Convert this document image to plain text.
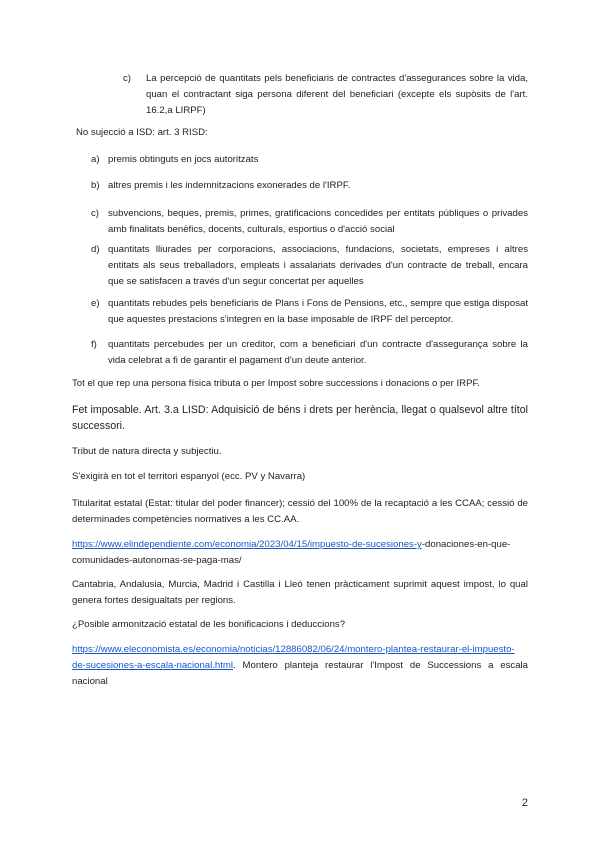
c) La percepció de quantitats pels beneficiaris de contractes d'assegurances sobre la vida, quan el contractant siga persona diferent del beneficiari (excepte els supòsits de l'art. 16.2,a LIRPF)

No sujecció a ISD: art. 3 RISD:

a) premis obtinguts en jocs autoritzats

b) altres premis i les indemnitzacions exonerades de l'IRPF.

c) subvencions, beques, premis, primes, gratificacions concedides per entitats públiques o privades amb finalitats benèfics, docents, culturals, esportius o d'acció social

d) quantitats lliurades per corporacions, associacions, fundacions, societats, empreses i altres entitats als seus treballadors, empleats i assalariats derivades d'un contracte de treball, encara que se satisfacen a través d'un segur concertat per aquelles

e) quantitats rebudes pels beneficiaris de Plans i Fons de Pensions, etc., sempre que estiga disposat que aquestes prestacions s'integren en la base imposable de IRPF del perceptor.

f) quantitats percebudes per un creditor, com a beneficiari d'un contracte d'assegurança sobre la vida celebrat a fi de garantir el pagament d'un deute anterior.

Tot el que rep una persona física tributa o per Impost sobre successions i donacions o per IRPF.

Fet imposable. Art. 3.a LISD: Adquisició de béns i drets per herència, llegat o qualsevol altre títol successori.

Tribut de natura directa y subjectiu.

S'exigirà en tot el territori espanyol (ecc. PV y Navarra)

Titularitat estatal (Estat: titular del poder financer); cessió del 100% de la recaptació a les CCAA; cessió de determinades competències normatives a les CC.AA.

https://www.elindependiente.com/economia/2023/04/15/impuesto-de-sucesiones-y-donaciones-en-que-comunidades-autonomas-se-paga-mas/

Cantabria, Andalusia, Murcia, Madrid i Castilla i Lleó tenen pràcticament suprimit aquest impost, lo qual genera fortes desigualtats per regions.

¿Posible armonització estatal de les bonificacions i deduccions?

https://www.eleconomista.es/economia/noticias/12886082/06/24/montero-plantea-restaurar-el-impuesto-de-sucesiones-a-escala-nacional.html. Montero planteja restaurar l'Impost de Successions a escala nacional

2
